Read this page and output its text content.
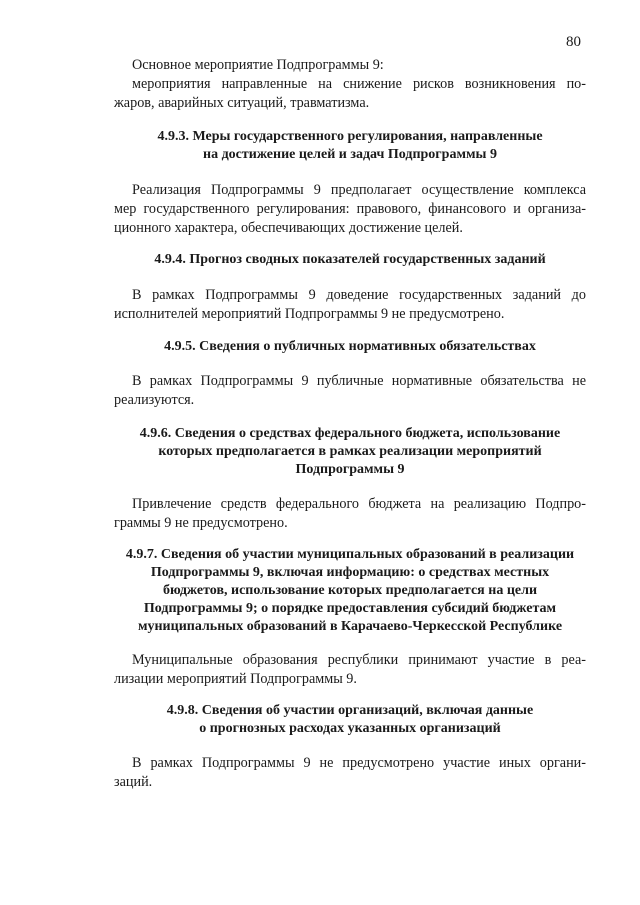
80
Основное мероприятие Подпрограммы 9:
мероприятия направленные на снижение рисков возникновения по-
жаров, аварийных ситуаций, травматизма.
4.9.3. Меры государственного регулирования, направленные
на достижение целей и задач Подпрограммы 9
Реализация Подпрограммы 9 предполагает осуществление комплекса
мер государственного регулирования: правового, финансового и организа-
ционного характера, обеспечивающих достижение целей.
4.9.4. Прогноз сводных показателей государственных заданий
В рамках Подпрограммы 9 доведение государственных заданий до
исполнителей мероприятий Подпрограммы 9 не предусмотрено.
4.9.5. Сведения о публичных нормативных обязательствах
В рамках Подпрограммы 9 публичные нормативные обязательства не
реализуются.
4.9.6. Сведения о средствах федерального бюджета, использование
которых предполагается в рамках реализации мероприятий
Подпрограммы 9
Привлечение средств федерального бюджета на реализацию Подпро-
граммы 9 не предусмотрено.
4.9.7. Сведения об участии муниципальных образований в реализации
Подпрограммы 9, включая информацию: о средствах местных
бюджетов, использование которых предполагается на цели
Подпрограммы 9; о порядке предоставления субсидий бюджетам
муниципальных образований в Карачаево-Черкесской Республике
Муниципальные образования республики принимают участие в реа-
лизации мероприятий Подпрограммы 9.
4.9.8. Сведения об участии организаций, включая данные
о прогнозных расходах указанных организаций
В рамках Подпрограммы 9 не предусмотрено участие иных органи-
заций.
